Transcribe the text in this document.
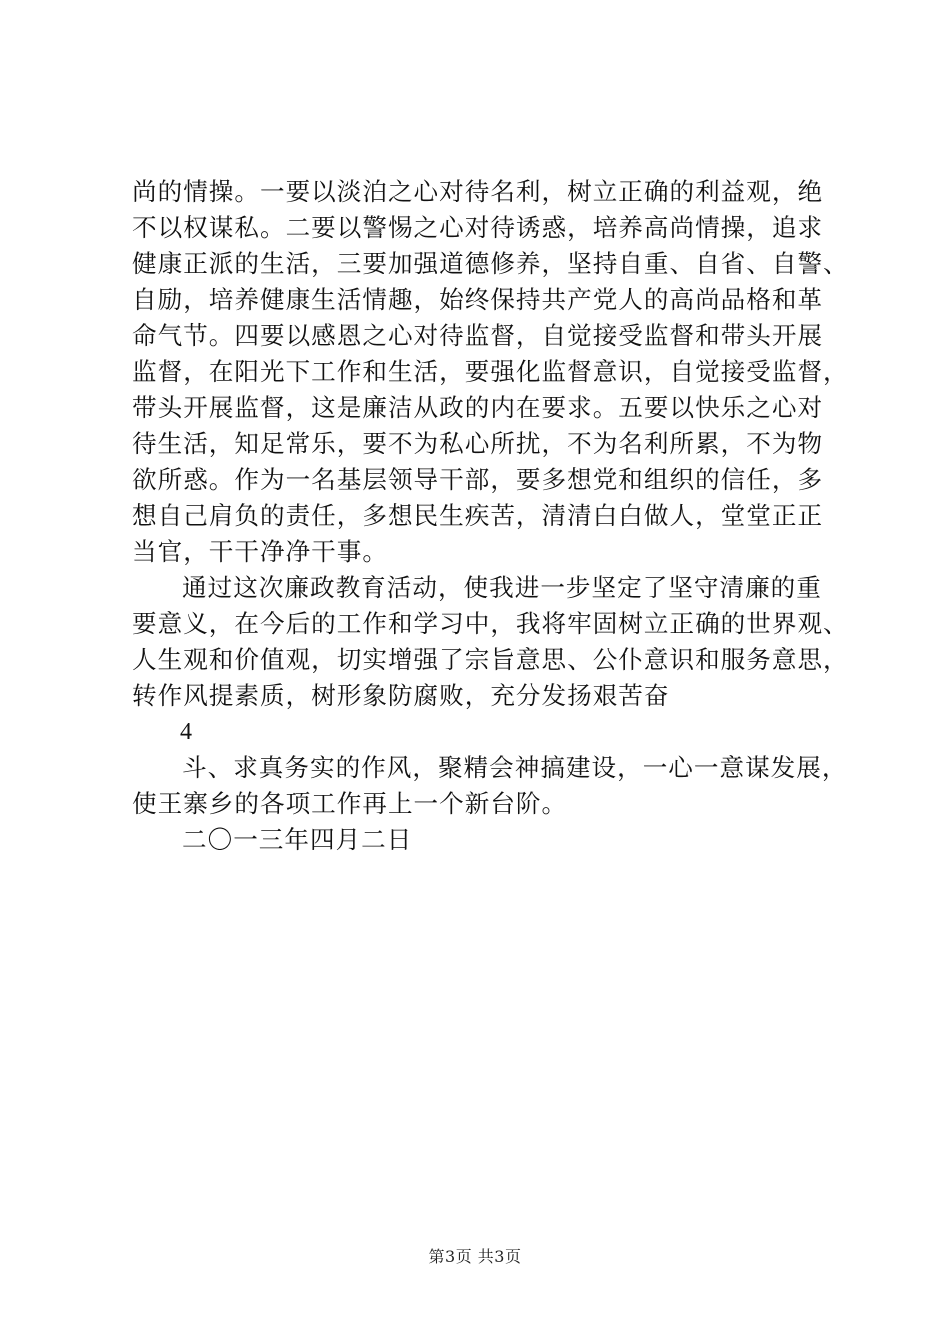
尚的情操。一要以淡泊之心对待名利，树立正确的利益观，绝
不以权谋私。二要以警惕之心对待诱惑，培养高尚情操，追求
健康正派的生活，三要加强道德修养，坚持自重、自省、自警、
自励，培养健康生活情趣，始终保持共产党人的高尚品格和革
命气节。四要以感恩之心对待监督，自觉接受监督和带头开展
监督，在阳光下工作和生活，要强化监督意识，自觉接受监督，
带头开展监督，这是廉洁从政的内在要求。五要以快乐之心对
待生活，知足常乐，要不为私心所扰，不为名利所累，不为物
欲所惑。作为一名基层领导干部，要多想党和组织的信任，多
想自己肩负的责任，多想民生疾苦，清清白白做人，堂堂正正
当官，干干净净干事。
通过这次廉政教育活动，使我进一步坚定了坚守清廉的重
要意义，在今后的工作和学习中，我将牢固树立正确的世界观、
人生观和价值观，切实增强了宗旨意思、公仆意识和服务意思，
转作风提素质，树形象防腐败，充分发扬艰苦奋
4
斗、求真务实的作风，聚精会神搞建设，一心一意谋发展，
使王寨乡的各项工作再上一个新台阶。
二〇一三年四月二日
第3页 共3页
